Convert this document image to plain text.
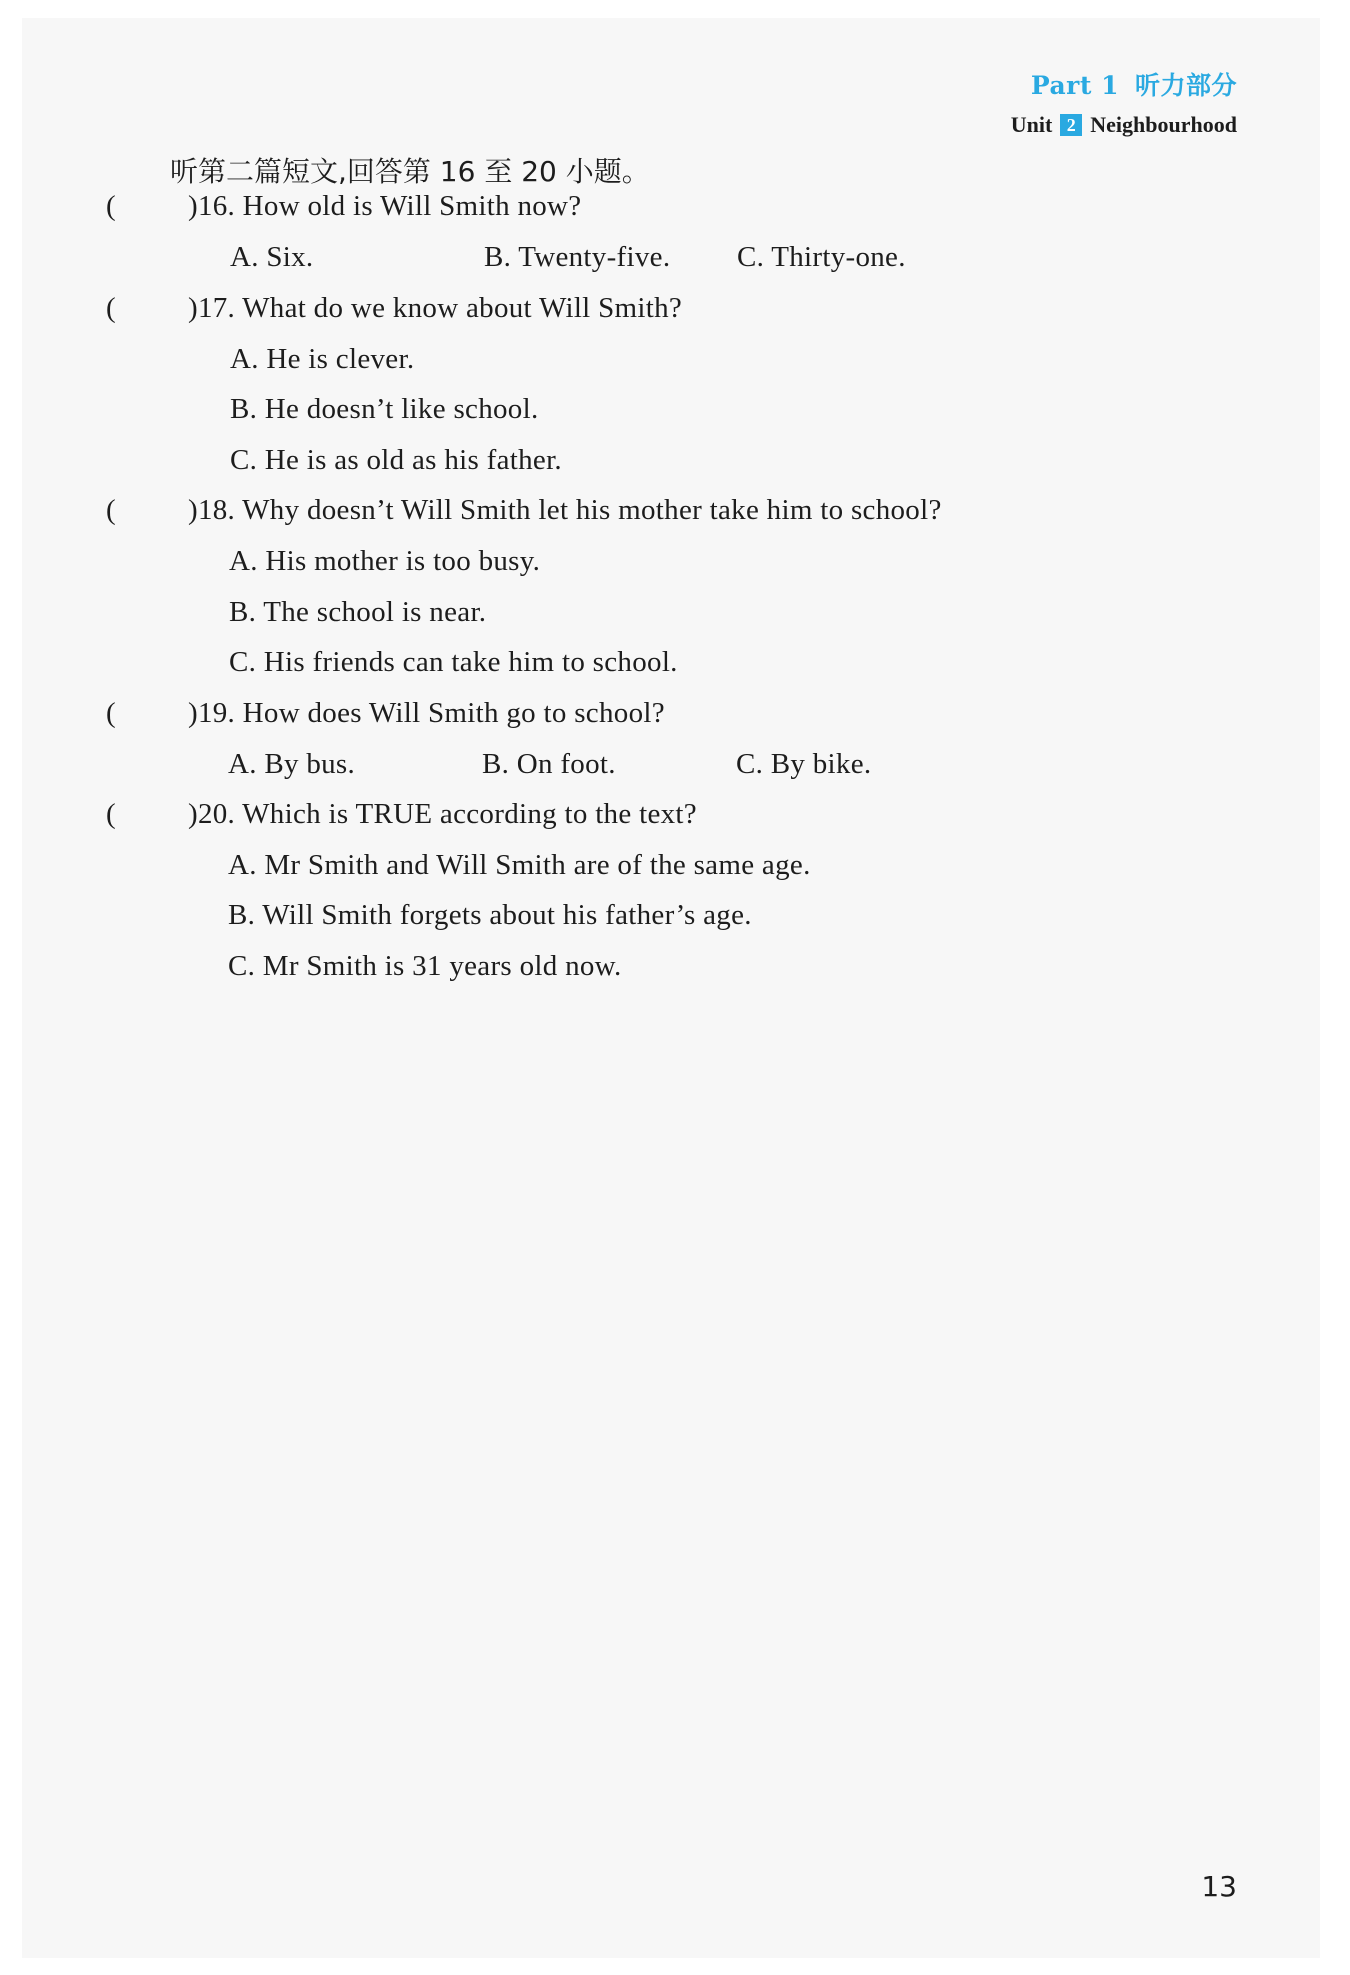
Part 1 听力部分
Unit 2 Neighbourhood
听第二篇短文,回答第 16 至 20 小题。
( )16. How old is Will Smith now?
A. Six.	B. Twenty-five. C. Thirty-one.
( )17. What do we know about Will Smith?
A. He is clever.
B. He doesn’t like school.
C. He is as old as his father.
( )18. Why doesn’t Will Smith let his mother take him to school?
A. His mother is too busy.
B. The school is near.
C. His friends can take him to school.
( )19. How does Will Smith go to school?
A. By bus.	B. On foot.	C. By bike.
( )20. Which is TRUE according to the text?
A. Mr Smith and Will Smith are of the same age.
B. Will Smith forgets about his father’s age.
C. Mr Smith is 31 years old now.
13
